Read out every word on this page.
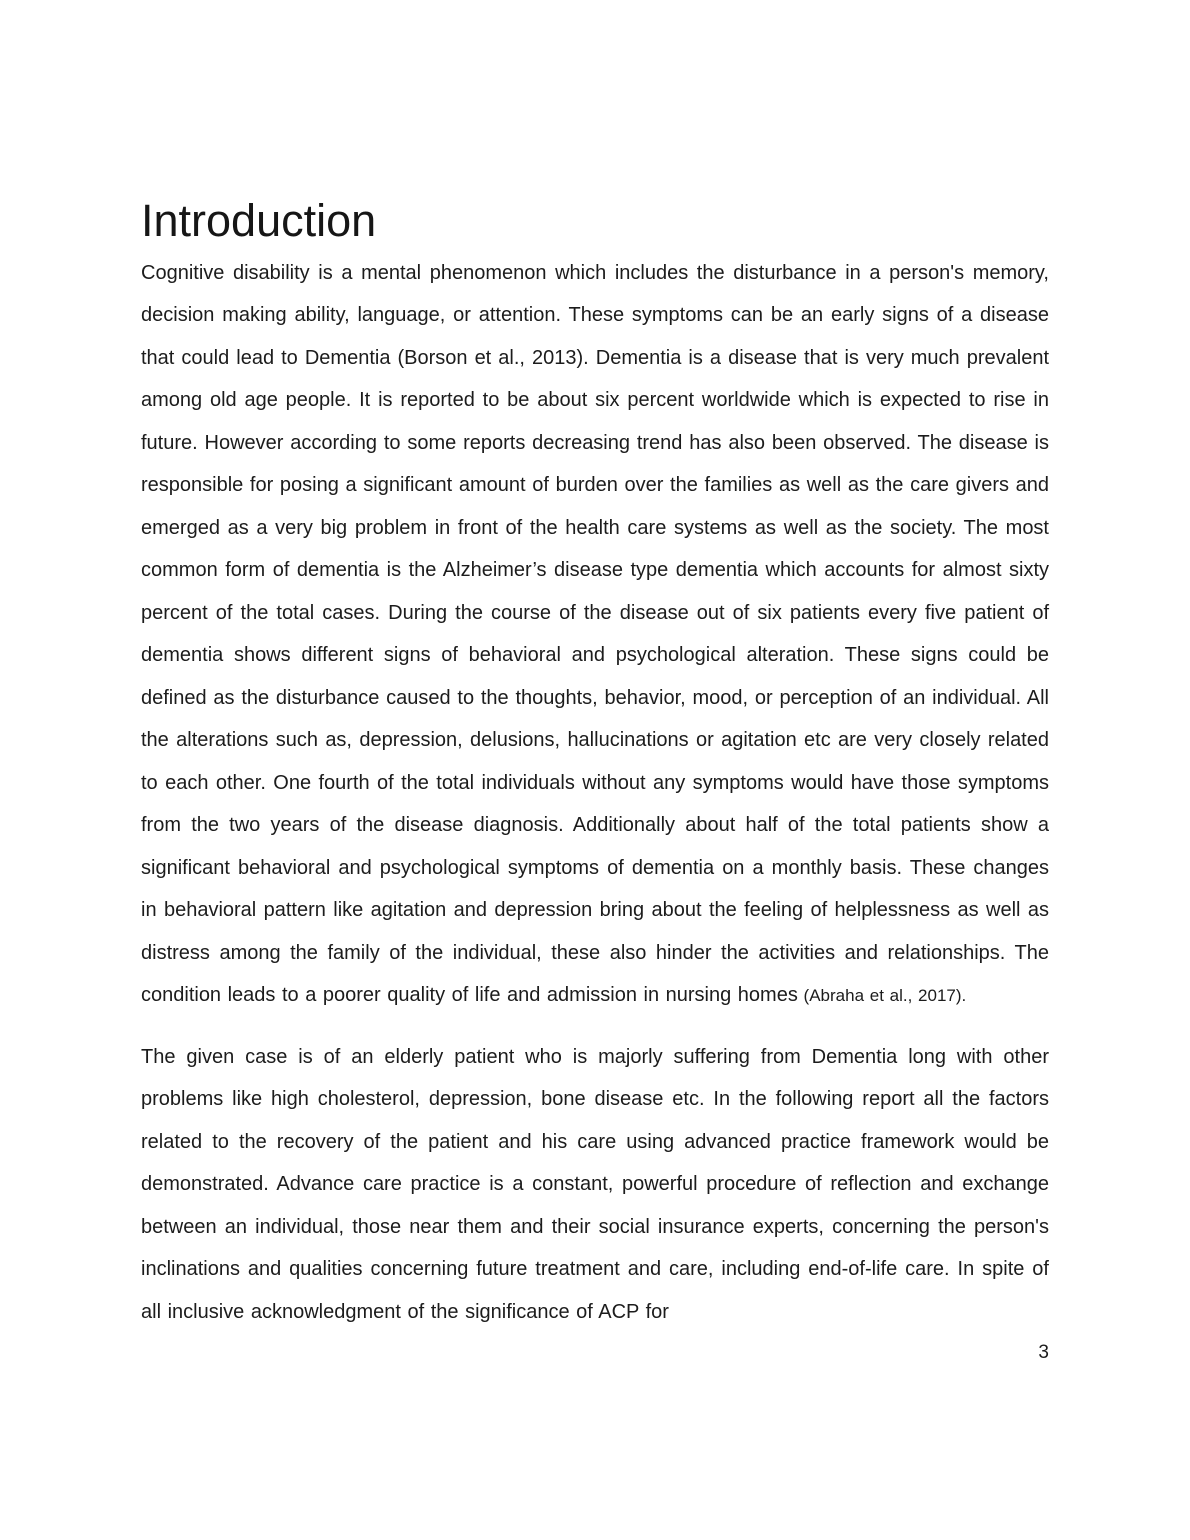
Introduction

Cognitive disability is a mental phenomenon which includes the disturbance in a person's memory, decision making ability, language, or attention. These symptoms can be an early signs of a disease that could lead to Dementia (Borson et al., 2013). Dementia is a disease that is very much prevalent among old age people. It is reported to be about six percent worldwide which is expected to rise in future. However according to some reports decreasing trend has also been observed. The disease is responsible for posing a significant amount of burden over the families as well as the care givers and emerged as a very big problem in front of the health care systems as well as the society. The most common form of dementia is the Alzheimer’s disease type dementia which accounts for almost sixty percent of the total cases. During the course of the disease out of six patients every five patient of dementia shows different signs of behavioral and psychological alteration. These signs could be defined as the disturbance caused to the thoughts, behavior, mood, or perception of an individual. All the alterations such as, depression, delusions, hallucinations or agitation etc are very closely related to each other. One fourth of the total individuals without any symptoms would have those symptoms from the two years of the disease diagnosis. Additionally about half of the total patients show a significant behavioral and psychological symptoms of dementia on a monthly basis. These changes in behavioral pattern like agitation and depression bring about the feeling of helplessness as well as distress among the family of the individual, these also hinder the activities and relationships. The condition leads to a poorer quality of life and admission in nursing homes (Abraha et al., 2017).

The given case is of an elderly patient who is majorly suffering from Dementia long with other problems like high cholesterol, depression, bone disease etc. In the following report all the factors related to the recovery of the patient and his care using advanced practice framework would be demonstrated. Advance care practice is a constant, powerful procedure of reflection and exchange between an individual, those near them and their social insurance experts, concerning the person's inclinations and qualities concerning future treatment and care, including end-of-life care. In spite of all inclusive acknowledgment of the significance of ACP for

3
